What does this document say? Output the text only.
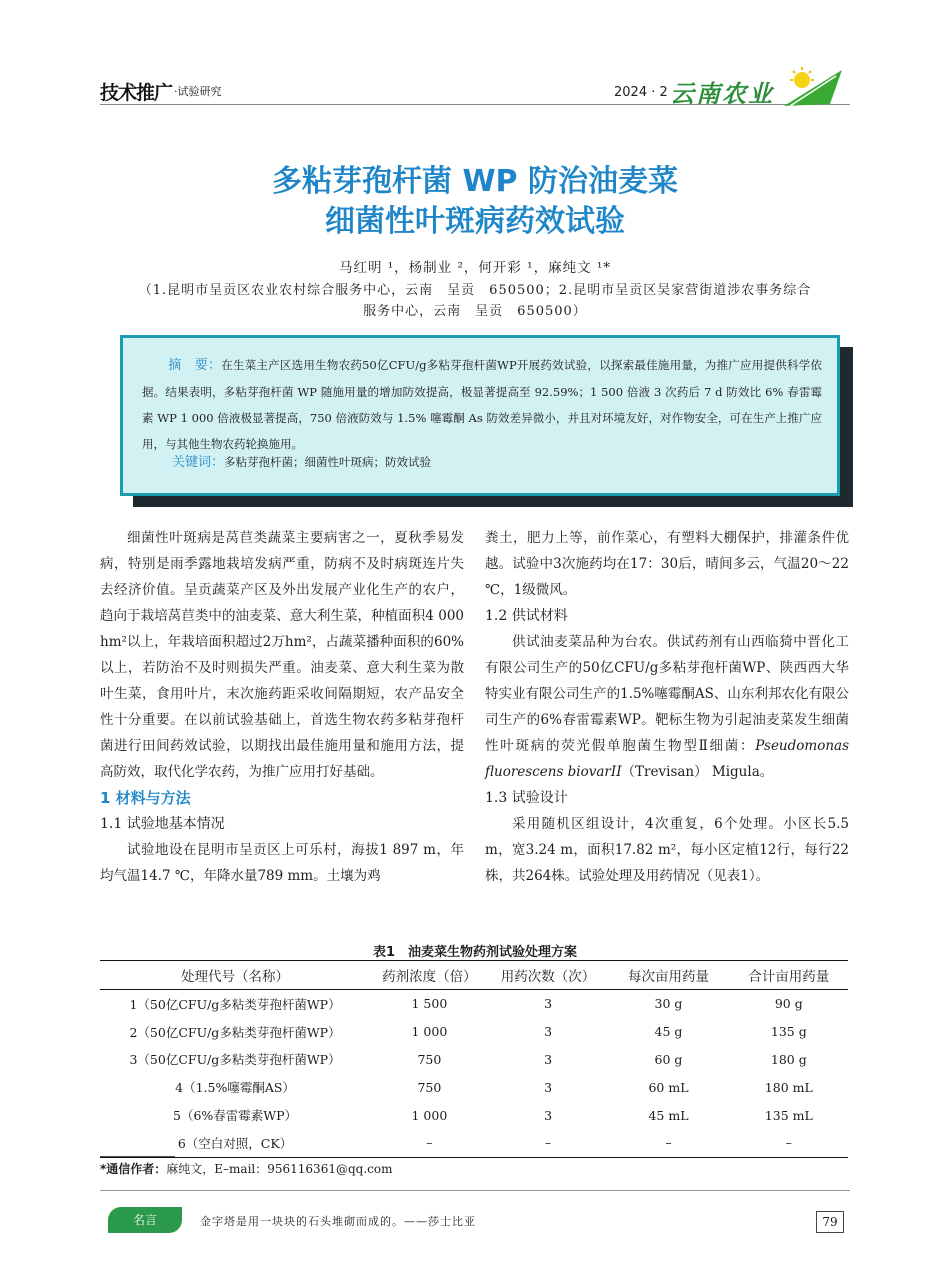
技术推广 ·试验研究	2024 · 2 云南农业
多粘芽孢杆菌 WP 防治油麦菜
细菌性叶斑病药效试验
马红明 ¹，杨制业 ²，何开彩 ¹，麻纯文 ¹*
（1.昆明市呈贡区农业农村综合服务中心，云南　呈贡　650500；2.昆明市呈贡区吴家营街道涉农事务综合
服务中心，云南　呈贡　650500）
摘　要：在生菜主产区选用生物农药50亿CFU/g多粘芽孢杆菌WP开展药效试验，以探索最佳施用量，为推广应用提供科学依据。结果表明，多粘芽孢杆菌 WP 随施用量的增加防效提高，极显著提高至 92.59%；1 500 倍液 3 次药后 7 d 防效比 6% 春雷霉素 WP 1 000 倍液极显著提高，750 倍液防效与 1.5% 噻霉酮 As 防效差异微小，并且对环境友好，对作物安全，可在生产上推广应用，与其他生物农药轮换施用。
关键词：多粘芽孢杆菌；细菌性叶斑病；防效试验

细菌性叶斑病是莴苣类蔬菜主要病害之一，夏秋季易发病，特别是雨季露地栽培发病严重，防病不及时病斑连片失去经济价值。呈贡蔬菜产区及外出发展产业化生产的农户，趋向于栽培莴苣类中的油麦菜、意大利生菜，种植面积4 000 hm²以上，年栽培面积超过2万hm²，占蔬菜播种面积的60%以上，若防治不及时则损失严重。油麦菜、意大利生菜为散叶生菜，食用叶片，末次施药距采收间隔期短，农产品安全性十分重要。在以前试验基础上，首选生物农药多粘芽孢杆菌进行田间药效试验，以期找出最佳施用量和施用方法，提高防效，取代化学农药，为推广应用打好基础。

1 材料与方法
1.1 试验地基本情况

试验地设在昆明市呈贡区上可乐村，海拔1 897 m，年均气温14.7 ℃，年降水量789 mm。土壤为鸡

粪土，肥力上等，前作菜心，有塑料大棚保护，排灌条件优越。试验中3次施药均在17：30后，晴间多云，气温20～22 ℃，1级微风。
1.2 供试材料

供试油麦菜品种为台农。供试药剂有山西临猗中晋化工有限公司生产的50亿CFU/g多粘芽孢杆菌WP、陕西西大华特实业有限公司生产的1.5%噻霉酮AS、山东利邦农化有限公司生产的6%春雷霉素WP。靶标生物为引起油麦菜发生细菌性叶斑病的荧光假单胞菌生物型Ⅱ细菌：Pseudomonas fluorescens biovarII（Trevisan） Migula。

1.3 试验设计

采用随机区组设计，4次重复，6个处理。小区长5.5 m，宽3.24 m，面积17.82 m²，每小区定植12行，每行22株，共264株。试验处理及用药情况（见表1）。

表1　油麦菜生物药剂试验处理方案
处理代号（名称）	药剂浓度（倍）	用药次数（次）	每次亩用药量	合计亩用药量
1（50亿CFU/g多粘类芽孢杆菌WP）	1 500	3	30 g	90 g
2（50亿CFU/g多粘类芽孢杆菌WP）	1 000	3	45 g	135 g
3（50亿CFU/g多粘类芽孢杆菌WP）	750	3	60 g	180 g
4（1.5%噻霉酮AS）	750	3	60 mL	180 mL
5（6%春雷霉素WP）	1 000	3	45 mL	135 mL
6（空白对照，CK）	–	–	–	–
*通信作者：麻纯文，E–mail：956116361@qq.com
名言	金字塔是用一块块的石头堆砌而成的。——莎士比亚	79
